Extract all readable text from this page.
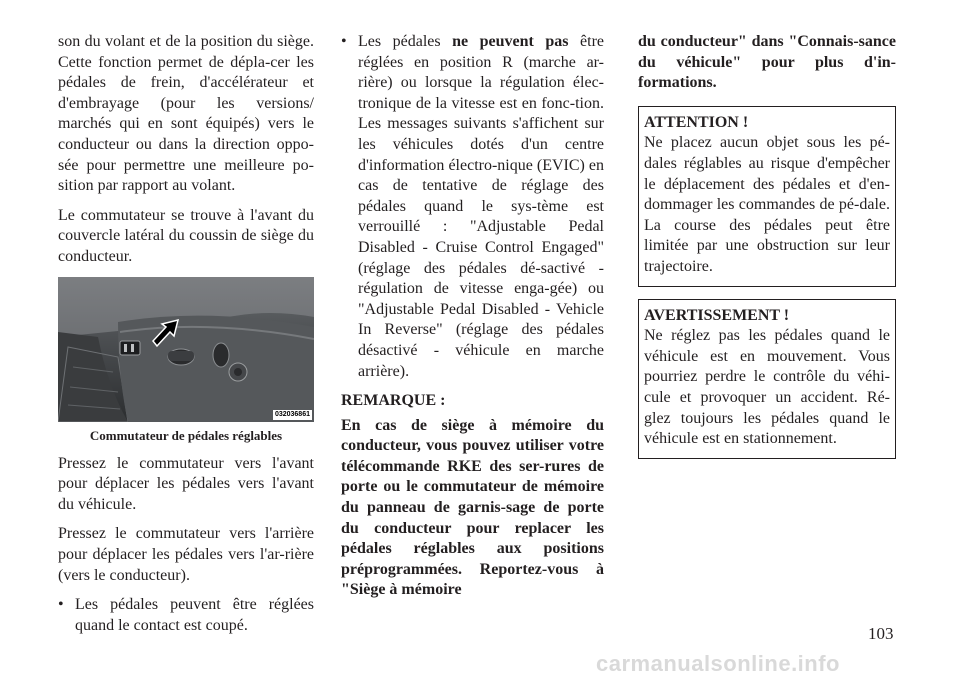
son du volant et de la position du siège. Cette fonction permet de dépla-cer les pédales de frein, d'accélérateur et d'embrayage (pour les versions/ marchés qui en sont équipés) vers le conducteur ou dans la direction oppo-sée pour permettre une meilleure po-sition par rapport au volant.

Le commutateur se trouve à l'avant du couvercle latéral du coussin de siège du conducteur.

032036861
Commutateur de pédales réglables

Pressez le commutateur vers l'avant pour déplacer les pédales vers l'avant du véhicule.

Pressez le commutateur vers l'arrière pour déplacer les pédales vers l'ar-rière (vers le conducteur).

• Les pédales peuvent être réglées quand le contact est coupé.
• Les pédales ne peuvent pas être réglées en position R (marche ar-rière) ou lorsque la régulation élec-tronique de la vitesse est en fonc-tion. Les messages suivants s'affichent sur les véhicules dotés d'un centre d'information électro-nique (EVIC) en cas de tentative de réglage des pédales quand le sys-tème est verrouillé : "Adjustable Pedal Disabled - Cruise Control Engaged" (réglage des pédales dé-sactivé - régulation de vitesse enga-gée) ou "Adjustable Pedal Disabled - Vehicle In Reverse" (réglage des pédales désactivé - véhicule en marche arrière).

REMARQUE :

En cas de siège à mémoire du conducteur, vous pouvez utiliser votre télécommande RKE des ser-rures de porte ou le commutateur de mémoire du panneau de garnis-sage de porte du conducteur pour replacer les pédales réglables aux positions préprogrammées. Reportez-vous à "Siège à mémoire

du conducteur" dans "Connais-sance du véhicule" pour plus d'in-formations.

ATTENTION !
Ne placez aucun objet sous les pé-dales réglables au risque d'empêcher le déplacement des pédales et d'en-dommager les commandes de pé-dale. La course des pédales peut être limitée par une obstruction sur leur trajectoire.
AVERTISSEMENT !
Ne réglez pas les pédales quand le véhicule est en mouvement. Vous pourriez perdre le contrôle du véhi-cule et provoquer un accident. Ré-glez toujours les pédales quand le véhicule est en stationnement.
103
carmanualsonline.info
